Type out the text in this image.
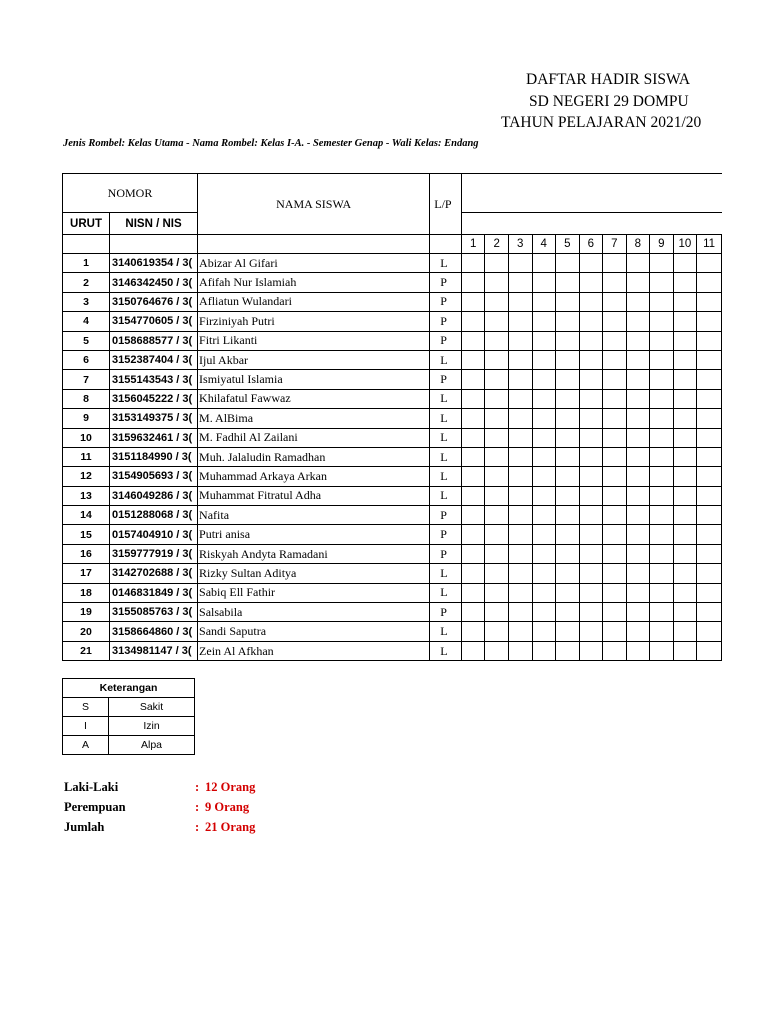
DAFTAR HADIR SISWA
SD NEGERI 29 DOMPU
TAHUN PELAJARAN 2021/20
Jenis Rombel: Kelas Utama - Nama Rombel: Kelas I-A. - Semester Genap - Wali Kelas: Endang
NOMOR		NAMA SISWA	L/P											
URUT	NISN / NIS													
				1	2	3	4	5	6	7	8	9	10	11
1	3140619354 / 3(	Abizar Al Gifari	L											
2	3146342450 / 3(	Afifah Nur Islamiah	P											
3	3150764676 / 3(	Afliatun Wulandari	P											
4	3154770605 / 3(	Firziniyah Putri	P											
5	0158688577 / 3(	Fitri Likanti	P											
6	3152387404 / 3(	Ijul Akbar	L											
7	3155143543 / 3(	Ismiyatul Islamia	P											
8	3156045222 / 3(	Khilafatul Fawwaz	L											
9	3153149375 / 3(	M. AlBima	L											
10	3159632461 / 3(	M. Fadhil Al Zailani	L											
11	3151184990 / 3(	Muh. Jalaludin Ramadhan	L											
12	3154905693 / 3(	Muhammad Arkaya Arkan	L											
13	3146049286 / 3(	Muhammat Fitratul Adha	L											
14	0151288068 / 3(	Nafita	P											
15	0157404910 / 3(	Putri anisa	P											
16	3159777919 / 3(	Riskyah Andyta Ramadani	P											
17	3142702688 / 3(	Rizky Sultan Aditya	L											
18	0146831849 / 3(	Sabiq Ell Fathir	L											
19	3155085763 / 3(	Salsabila	P											
20	3158664860 / 3(	Sandi Saputra	L											
21	3134981147 / 3(	Zein Al Afkhan	L											
Keterangan	
S	Sakit
I	Izin
A	Alpa
Laki-Laki	: 12 Orang
Perempuan	: 9 Orang
Jumlah	: 21 Orang
